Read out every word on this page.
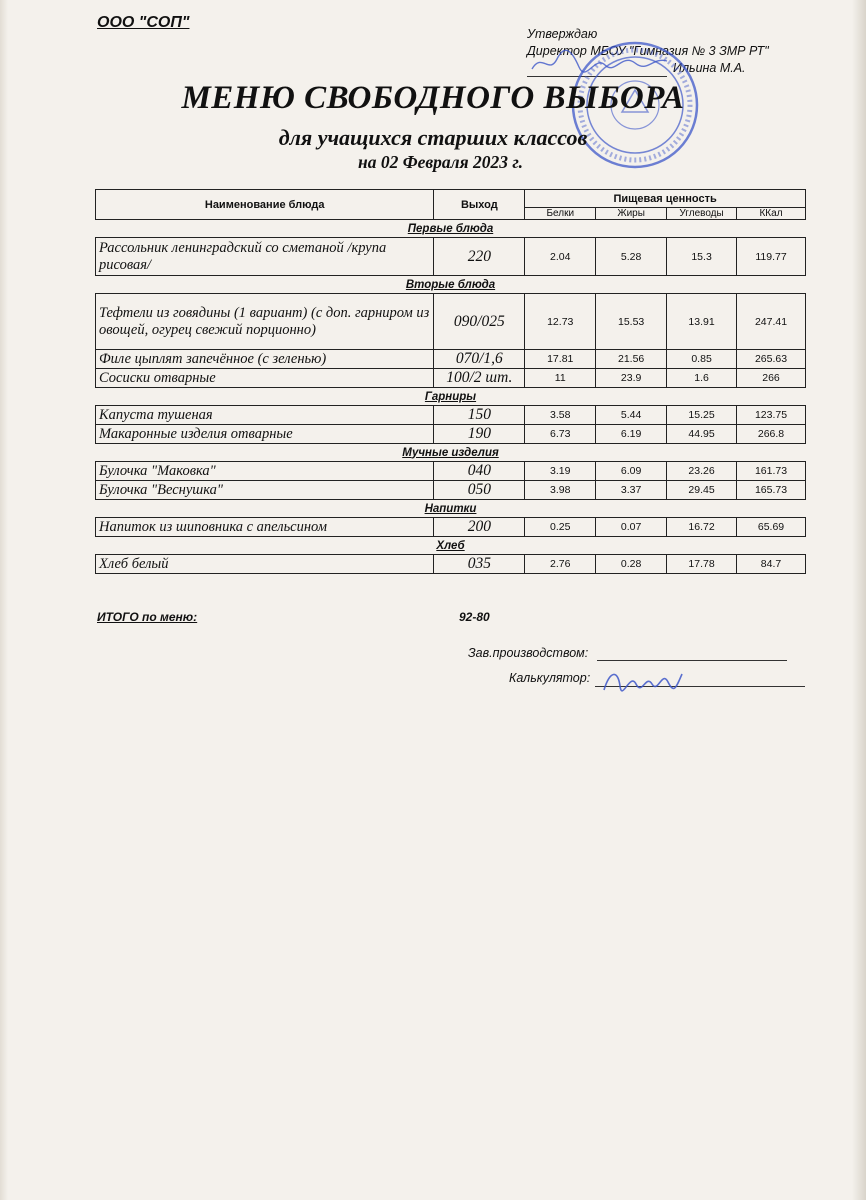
ООО "СОП"
Утверждаю
Директор МБОУ "Гимназия № 3 ЗМР РТ"
Ильина М.А.
МЕНЮ СВОБОДНОГО ВЫБОРА
для учащихся старших классов
на 02 Февраля 2023 г.
Наименование блюда	Выход	Пищевая ценность			
		Белки	Жиры	Углеводы	ККал
Первые блюда					
Рассольник ленинградский со сметаной /крупа рисовая/	220	2.04	5.28	15.3	119.77
Вторые блюда					
Тефтели из говядины (1 вариант) (с доп. гарниром из овощей, огурец свежий порционно)	090/025	12.73	15.53	13.91	247.41
Филе цыплят запечённое (с зеленью)	070/1,6	17.81	21.56	0.85	265.63
Сосиски отварные	100/2 шт.	11	23.9	1.6	266
Гарниры					
Капуста тушеная	150	3.58	5.44	15.25	123.75
Макаронные изделия отварные	190	6.73	6.19	44.95	266.8
Мучные изделия					
Булочка "Маковка"	040	3.19	6.09	23.26	161.73
Булочка "Веснушка"	050	3.98	3.37	29.45	165.73
Напитки					
Напиток из шиповника с апельсином	200	0.25	0.07	16.72	65.69
Хлеб					
Хлеб белый	035	2.76	0.28	17.78	84.7
ИТОГО по меню:	92-80
Зав.производством:
Калькулятор:
